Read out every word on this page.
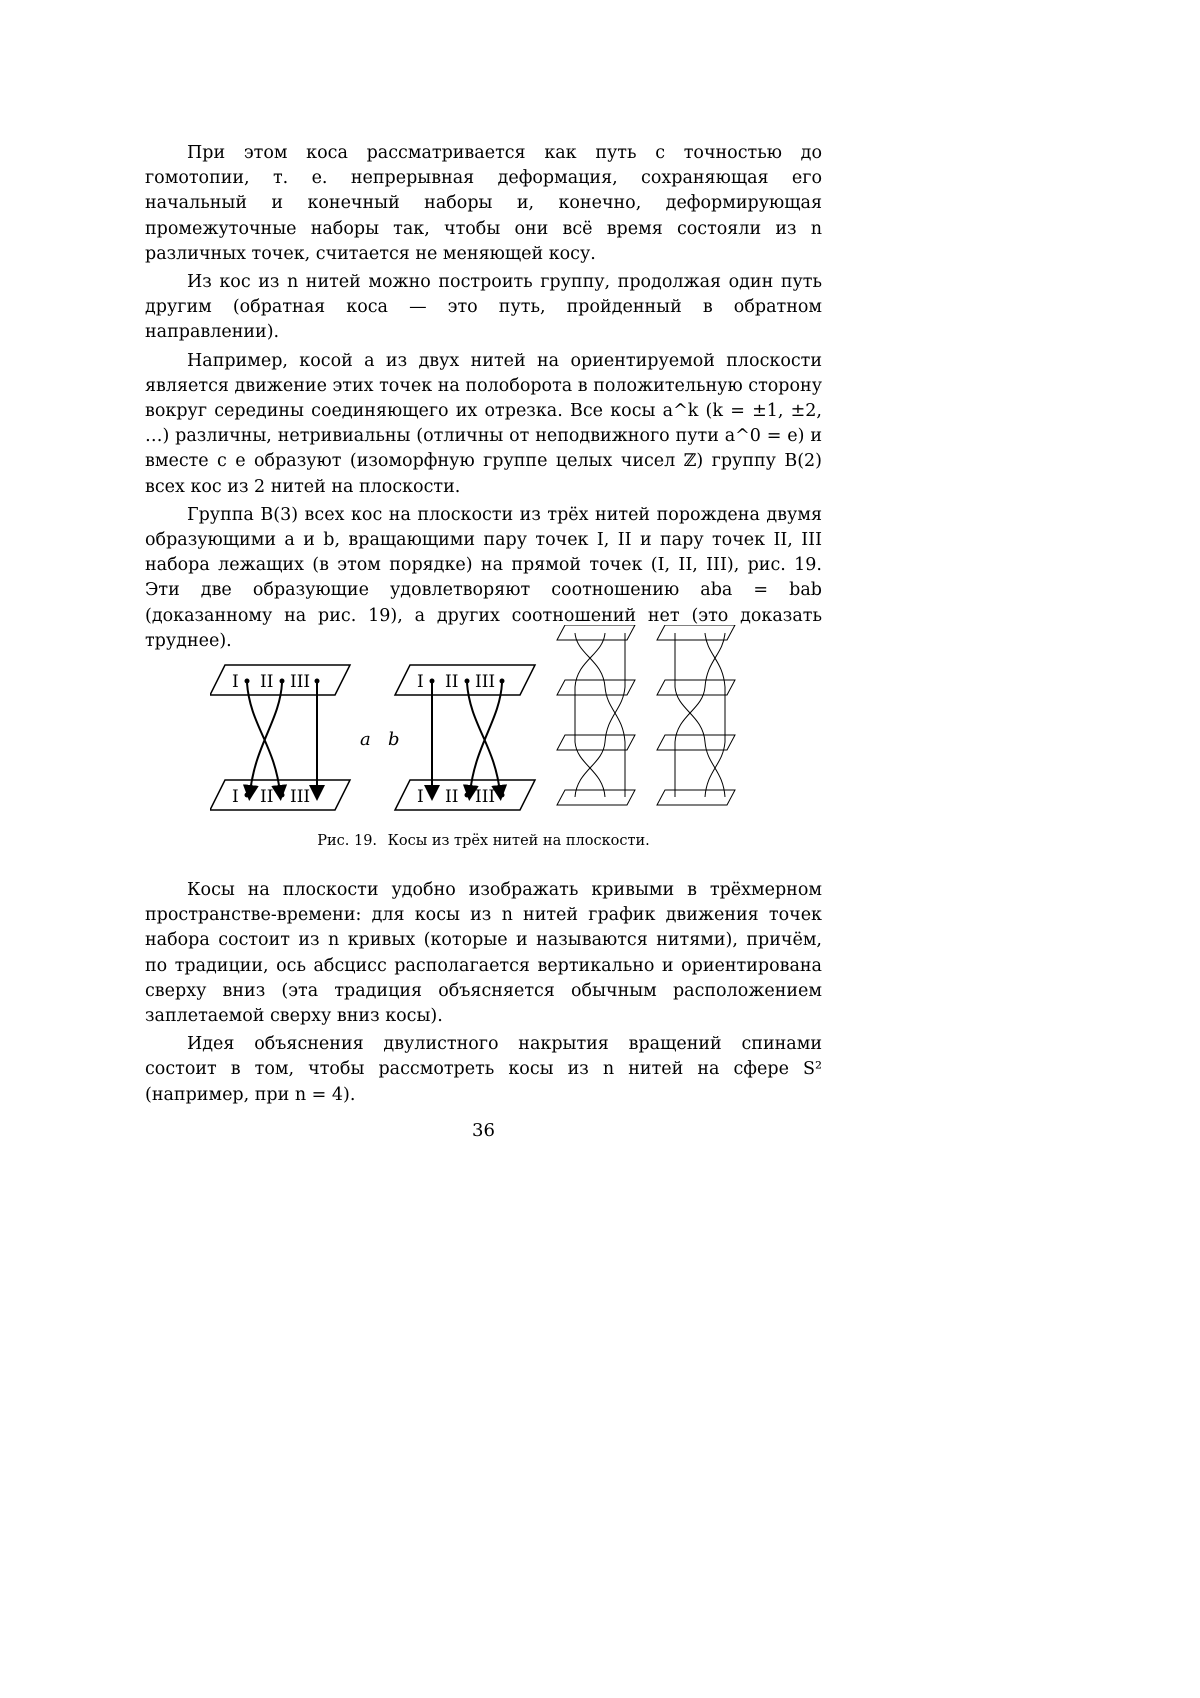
При этом коса рассматривается как путь с точностью до гомотопии, т. е. непрерывная деформация, сохраняющая его начальный и конечный наборы и, конечно, деформирующая промежуточные наборы так, чтобы они всё время состояли из n различных точек, считается не меняющей косу.

Из кос из n нитей можно построить группу, продолжая один путь другим (обратная коса — это путь, пройденный в обратном направлении).

Например, косой a из двух нитей на ориентируемой плоскости является движение этих точек на полоборота в положительную сторону вокруг середины соединяющего их отрезка. Все косы a^k (k = ±1, ±2, …) различны, нетривиальны (отличны от неподвижного пути a^0 = e) и вместе с e образуют (изоморфную группе целых чисел ℤ) группу B(2) всех кос из 2 нитей на плоскости.

Группа B(3) всех кос на плоскости из трёх нитей порождена двумя образующими a и b, вращающими пару точек I, II и пару точек II, III набора лежащих (в этом порядке) на прямой точек (I, II, III), рис. 19. Эти две образующие удовлетворяют соотношению aba = bab (доказанному на рис. 19), а других соотношений нет (это доказать труднее).

I II III
I II III
a b
I II III
I II III
Рис. 19. Косы из трёх нитей на плоскости.

Косы на плоскости удобно изображать кривыми в трёхмерном пространстве-времени: для косы из n нитей график движения точек набора состоит из n кривых (которые и называются нитями), причём, по традиции, ось абсцисс располагается вертикально и ориентирована сверху вниз (эта традиция объясняется обычным расположением заплетаемой сверху вниз косы).

Идея объяснения двулистного накрытия вращений спинами состоит в том, чтобы рассмотреть косы из n нитей на сфере S² (например, при n = 4).

36
